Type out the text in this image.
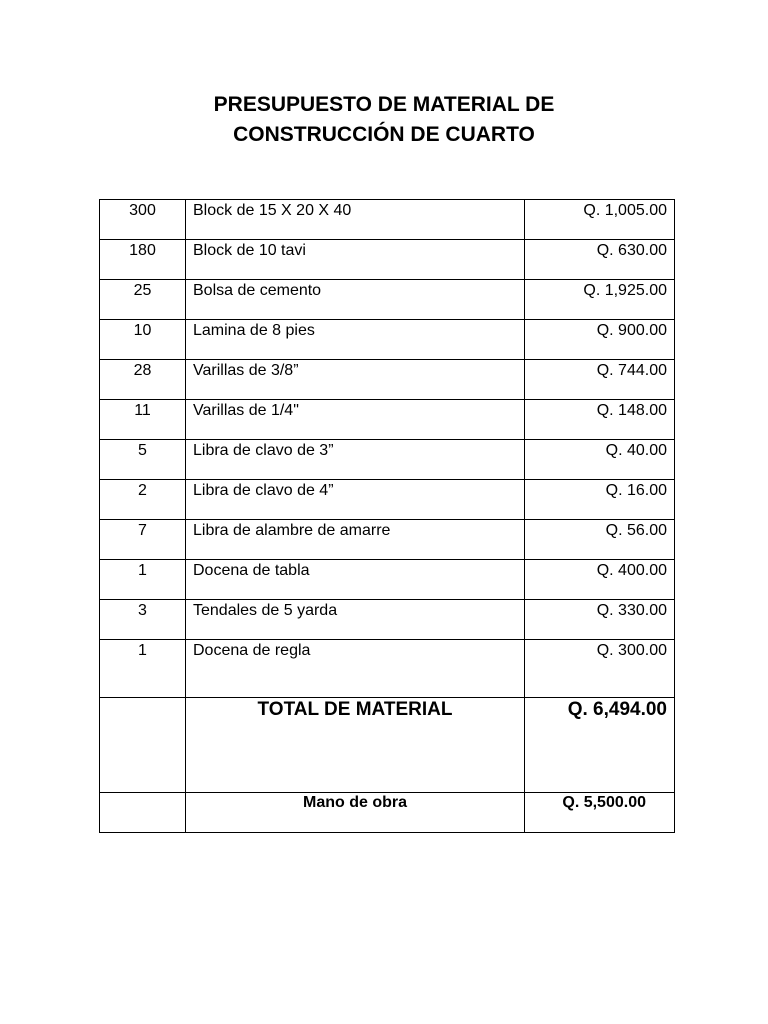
PRESUPUESTO DE MATERIAL DE
CONSTRUCCIÓN DE CUARTO
300	Block de 15 X 20 X 40	Q. 1,005.00
180	Block de 10 tavi	Q. 630.00
25	Bolsa de cemento	Q. 1,925.00
10	Lamina de 8 pies	Q. 900.00
28	Varillas de 3/8”	Q. 744.00
11	Varillas de 1/4"	Q. 148.00
5	Libra de clavo de 3”	Q. 40.00
2	Libra de clavo de 4”	Q. 16.00
7	Libra de alambre de amarre	Q. 56.00
1	Docena de tabla	Q. 400.00
3	Tendales de 5 yarda	Q. 330.00
1	Docena de regla	Q. 300.00
	TOTAL DE MATERIAL	Q. 6,494.00
	Mano de obra	Q. 5,500.00
